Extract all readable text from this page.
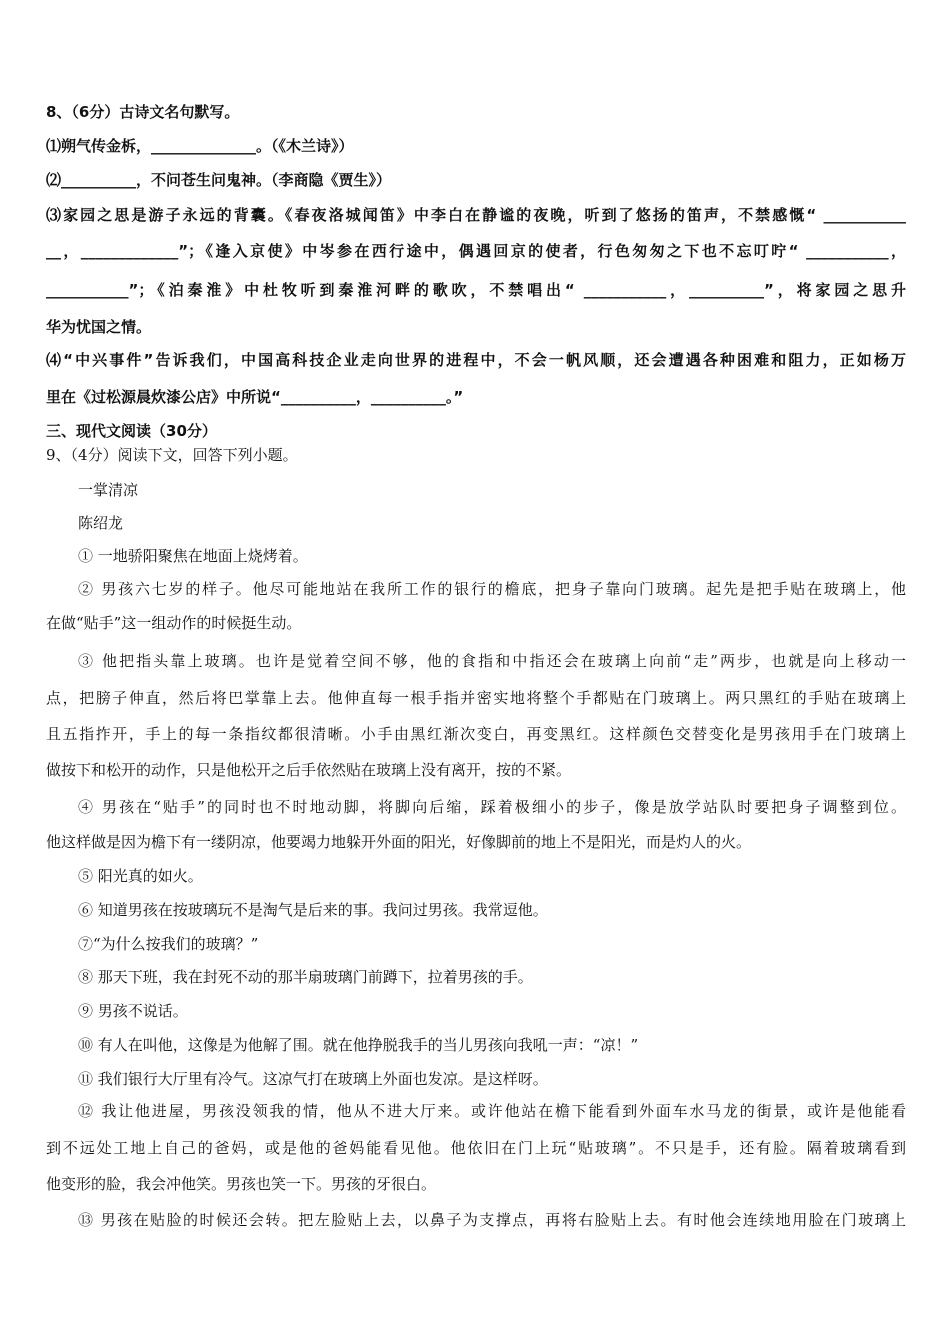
8、（6分）古诗文名句默写。
⑴朔气传金柝，______________。（《木兰诗》）
⑵__________，不问苍生问鬼神。（李商隐《贾生》）
⑶家园之思是游子永远的背囊。《春夜洛城闻笛》中李白在静谧的夜晚，听到了悠扬的笛声，不禁感慨“ ___________
__，_____________”；《逢入京使》中岑参在西行途中，偶遇回京的使者，行色匆匆之下也不忘叮咛“ ___________，
___________”；《泊秦淮》中杜牧听到秦淮河畔的歌吹，不禁唱出“ ___________，__________”，将家园之思升
华为忧国之情。
⑷“中兴事件”告诉我们，中国高科技企业走向世界的进程中，不会一帆风顺，还会遭遇各种困难和阻力，正如杨万
里在《过松源晨炊漆公店》中所说“__________，__________。”
三、现代文阅读（30分）
9、（4分）阅读下文，回答下列小题。
一掌清凉
陈绍龙
① 一地骄阳聚焦在地面上烧烤着。
② 男孩六七岁的样子。他尽可能地站在我所工作的银行的檐底，把身子靠向门玻璃。起先是把手贴在玻璃上，他
在做“贴手”这一组动作的时候挺生动。
③ 他把指头靠上玻璃。也许是觉着空间不够，他的食指和中指还会在玻璃上向前“走”两步，也就是向上移动一
点，把膀子伸直，然后将巴掌靠上去。他伸直每一根手指并密实地将整个手都贴在门玻璃上。两只黑红的手贴在玻璃上
且五指拃开，手上的每一条指纹都很清晰。小手由黑红渐次变白，再变黑红。这样颜色交替变化是男孩用手在门玻璃上
做按下和松开的动作，只是他松开之后手依然贴在玻璃上没有离开，按的不紧。
④ 男孩在“贴手”的同时也不时地动脚，将脚向后缩，踩着极细小的步子，像是放学站队时要把身子调整到位。
他这样做是因为檐下有一缕阴凉，他要竭力地躲开外面的阳光，好像脚前的地上不是阳光，而是灼人的火。
⑤ 阳光真的如火。
⑥ 知道男孩在按玻璃玩不是淘气是后来的事。我问过男孩。我常逗他。
⑦“为什么按我们的玻璃？”
⑧ 那天下班，我在封死不动的那半扇玻璃门前蹲下，拉着男孩的手。
⑨ 男孩不说话。
⑩ 有人在叫他，这像是为他解了围。就在他挣脱我手的当儿男孩向我吼一声：“凉！”
⑪ 我们银行大厅里有冷气。这凉气打在玻璃上外面也发凉。是这样呀。
⑫ 我让他进屋，男孩没领我的情，他从不进大厅来。或许他站在檐下能看到外面车水马龙的街景，或许是他能看
到不远处工地上自己的爸妈，或是他的爸妈能看见他。他依旧在门上玩“贴玻璃”。不只是手，还有脸。隔着玻璃看到
他变形的脸，我会冲他笑。男孩也笑一下。男孩的牙很白。
⑬ 男孩在贴脸的时候还会转。把左脸贴上去，以鼻子为支撑点，再将右脸贴上去。有时他会连续地用脸在门玻璃上
